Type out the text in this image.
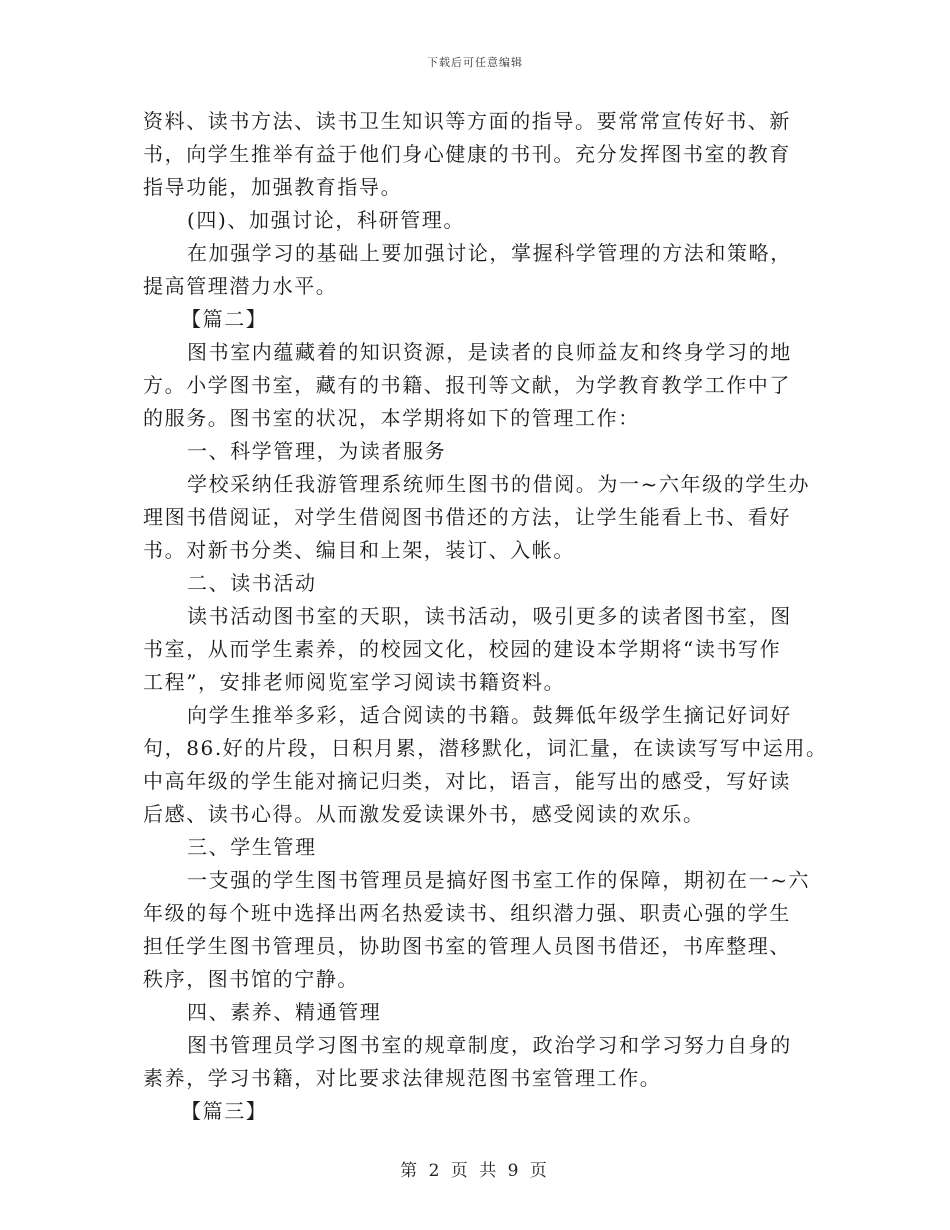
下载后可任意编辑
资料、读书方法、读书卫生知识等方面的指导。要常常宣传好书、新
书，向学生推举有益于他们身心健康的书刊。充分发挥图书室的教育
指导功能，加强教育指导。
(四)、加强讨论，科研管理。
在加强学习的基础上要加强讨论，掌握科学管理的方法和策略，
提高管理潜力水平。
【篇二】
图书室内蕴藏着的知识资源，是读者的良师益友和终身学习的地
方。小学图书室，藏有的书籍、报刊等文献，为学教育教学工作中了
的服务。图书室的状况，本学期将如下的管理工作：
一、科学管理，为读者服务
学校采纳任我游管理系统师生图书的借阅。为一~六年级的学生办
理图书借阅证，对学生借阅图书借还的方法，让学生能看上书、看好
书。对新书分类、编目和上架，装订、入帐。
二、读书活动
读书活动图书室的天职，读书活动，吸引更多的读者图书室，图
书室，从而学生素养，的校园文化，校园的建设本学期将“读书写作
工程”，安排老师阅览室学习阅读书籍资料。
向学生推举多彩，适合阅读的书籍。鼓舞低年级学生摘记好词好
句，86.好的片段，日积月累，潜移默化，词汇量，在读读写写中运用。
中高年级的学生能对摘记归类，对比，语言，能写出的感受，写好读
后感、读书心得。从而激发爱读课外书，感受阅读的欢乐。
三、学生管理
一支强的学生图书管理员是搞好图书室工作的保障，期初在一~六
年级的每个班中选择出两名热爱读书、组织潜力强、职责心强的学生
担任学生图书管理员，协助图书室的管理人员图书借还，书库整理、
秩序，图书馆的宁静。
四、素养、精通管理
图书管理员学习图书室的规章制度，政治学习和学习努力自身的
素养，学习书籍，对比要求法律规范图书室管理工作。
【篇三】
第 2 页 共 9 页
